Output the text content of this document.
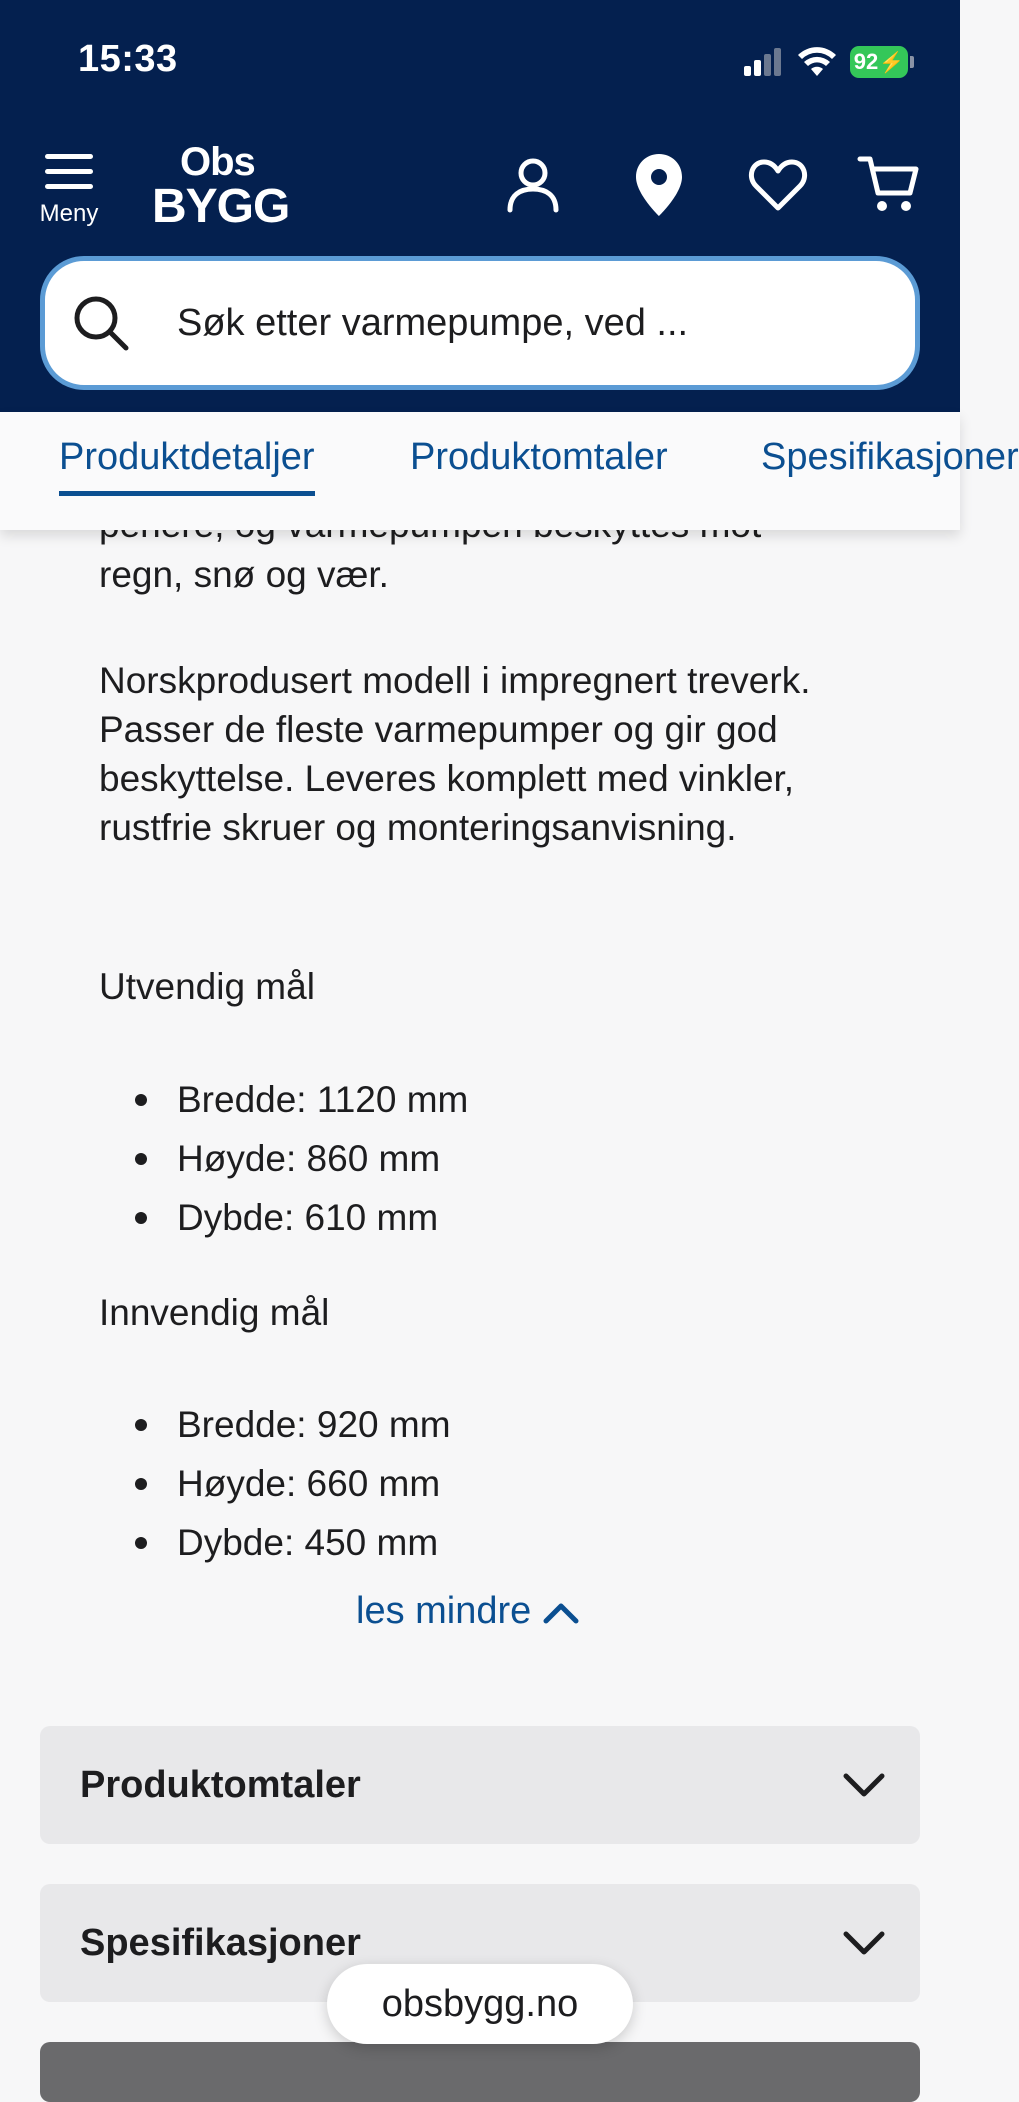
15:33	92 ⚡
Meny
Obs
BYGG
Søk etter varmepumpe, ved ...
Produktdetaljer	Produktomtaler Spesifikasjoner
regn, snø og vær.
Norskprodusert modell i impregnert treverk. Passer de fleste varmepumper og gir god beskyttelse. Leveres komplett med vinkler, rustfrie skruer og monteringsanvisning.
Utvendig mål
Bredde: 1120 mm
Høyde: 860 mm
Dybde: 610 mm
Innvendig mål
Bredde: 920 mm
Høyde: 660 mm
Dybde: 450 mm
les mindre
Produktomtaler
Spesifikasjoner
obsbygg.no
